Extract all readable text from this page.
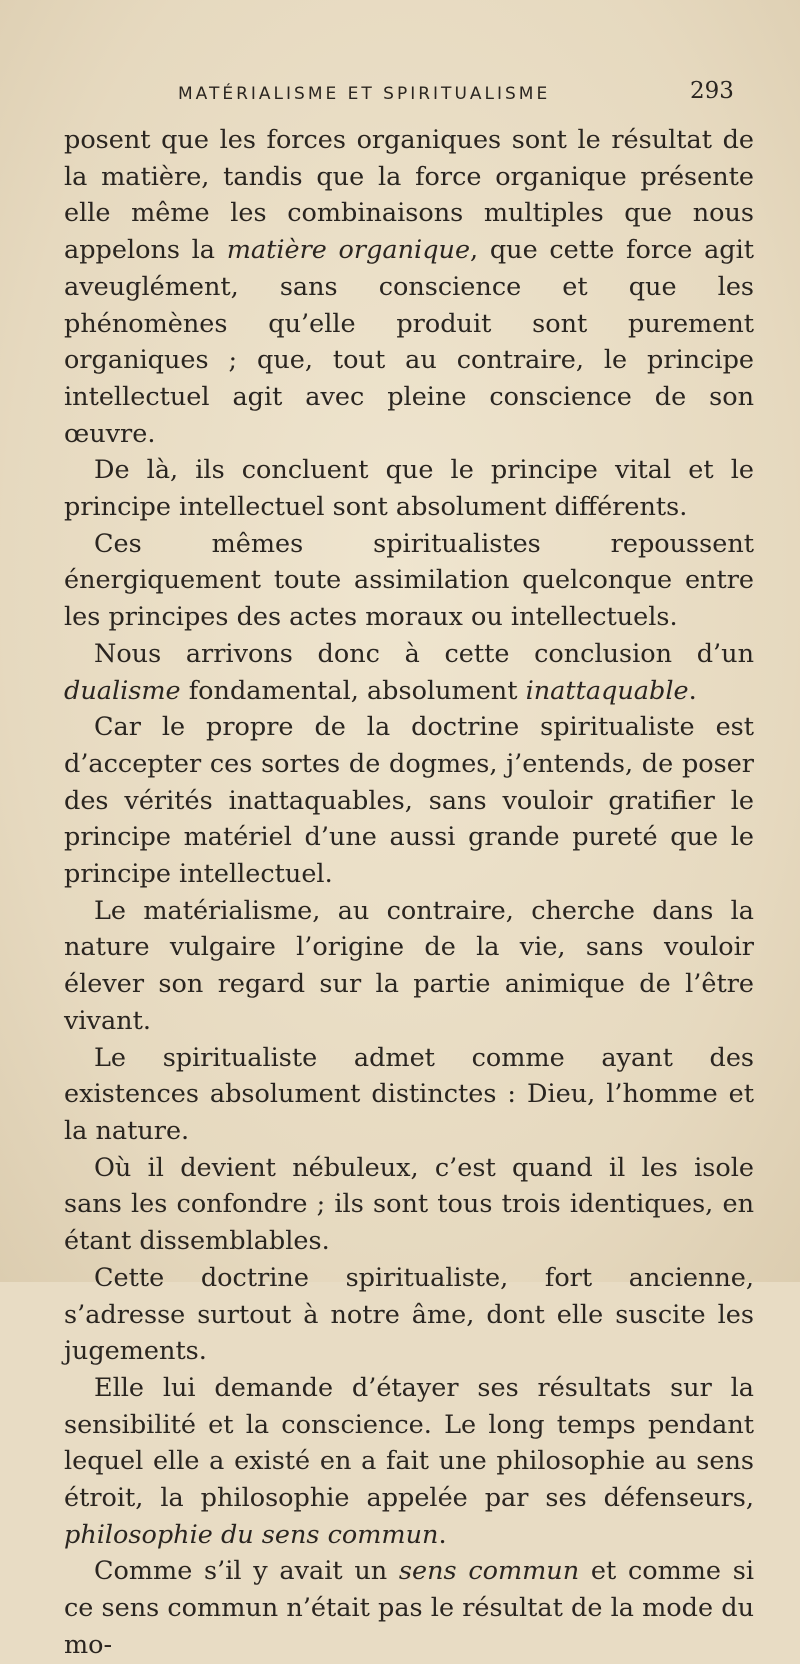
MATÉRIALISME ET SPIRITUALISME	293

posent que les forces organiques sont le résultat de la matière, tandis que la force organique présente elle même les combinaisons multiples que nous appelons la matière organique, que cette force agit aveuglément, sans conscience et que les phénomènes qu’elle produit sont purement organiques ; que, tout au contraire, le principe intellectuel agit avec pleine conscience de son œuvre.

De là, ils concluent que le principe vital et le principe intellectuel sont absolument différents.

Ces mêmes spiritualistes repoussent énergiquement toute assimilation quelconque entre les principes des actes moraux ou intellectuels.

Nous arrivons donc à cette conclusion d’un dualisme fondamental, absolument inattaquable.

Car le propre de la doctrine spiritualiste est d’accepter ces sortes de dogmes, j’entends, de poser des vérités inattaquables, sans vouloir gratifier le principe matériel d’une aussi grande pureté que le principe intellectuel.

Le matérialisme, au contraire, cherche dans la nature vulgaire l’origine de la vie, sans vouloir élever son regard sur la partie animique de l’être vivant.

Le spiritualiste admet comme ayant des existences absolument distinctes : Dieu, l’homme et la nature.

Où il devient nébuleux, c’est quand il les isole sans les confondre ; ils sont tous trois identiques, en étant dissemblables.

Cette doctrine spiritualiste, fort ancienne, s’adresse surtout à notre âme, dont elle suscite les jugements.

Elle lui demande d’étayer ses résultats sur la sensibilité et la conscience. Le long temps pendant lequel elle a existé en a fait une philosophie au sens étroit, la philosophie appelée par ses défenseurs, philosophie du sens commun.

Comme s’il y avait un sens commun et comme si ce sens commun n’était pas le résultat de la mode du mo-
